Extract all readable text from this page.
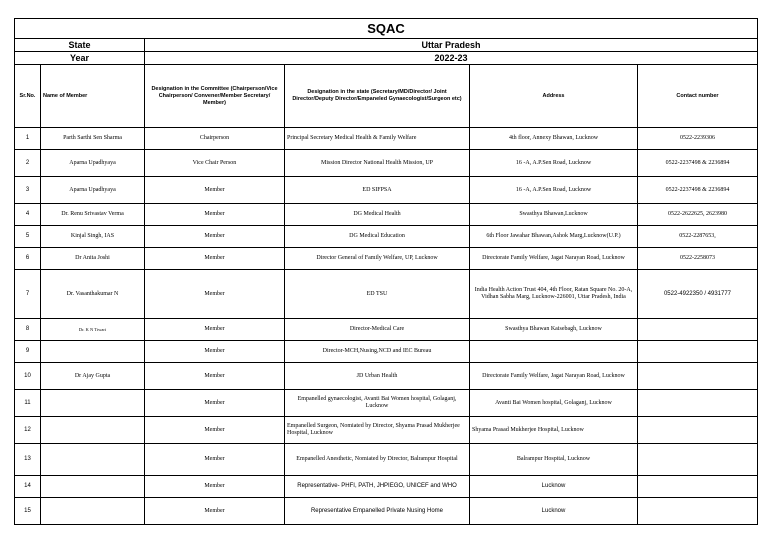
SQAC					
State		Uttar Pradesh			
Year		2022-23			
Sr.No.	Name of Member	Designation in the Committee (Chairperson/Vice Chairperson/ Convener/Member Secretary/ Member)	Designation in the state (Secretary/MD/Director/ Joint Director/Deputy Director/Empaneled Gynaecologist/Surgeon etc)	Address	Contact number
1	Parth Sarthi Sen Sharma	Chairperson	Principal Secretary Medical Health & Family Welfare	4th floor, Annexy Bhawan, Lucknow	0522-2239306
2	Aparna Upadhyaya	Vice Chair Person	Mission Director National Health Mission, UP	16 -A, A.P.Sen Road, Lucknow	0522-2237498 & 2236894
3	Aparna Upadhyaya	Member	ED SIFPSA	16 -A, A.P.Sen Road, Lucknow	0522-2237498 & 2236894
4	Dr. Renu Srivastav Verma	Member	DG Medical Health	Swasthya Bhawan,Lucknow	0522-2622625, 2623980
5	Kinjal Singh, IAS	Member	DG Medical Education	6th Floor Jawahar Bhawan,Ashok Marg,Lucknow(U.P.)	0522-2287653,
6	Dr Anita Joshi	Member	Director General of Family Welfare, UP, Lucknow	Directorate Family Welfare, Jagat Narayan Road, Lucknow	0522-2258073
7	Dr. Vasanthakumar N	Member	ED TSU	India Health Action Trust 404, 4th Floor, Ratan Square No. 20-A, Vidhan Sabha Marg, Lucknow-226001, Uttar Pradesh, India	0522-4922350 / 4931777
8	Dr. K N Tiwari	Member	Director-Medical Care	Swasthya Bhawan Kaisebagh, Lucknow	
9		Member	Director-MCH,Nusing,NCD and IEC Bureau		
10	Dr Ajay Gupta	Member	JD Urban Health	Directorate Family Welfare, Jagat Narayan Road, Lucknow	
11		Member	Empanelled gynaecologist, Avanti Bai Women hospital, Golaganj, Lucknow	Avanti Bai Women hospital, Golaganj, Lucknow	
12		Member	Empanelled Surgeon, Nomiated by Director, Shyama Prasad Mukherjee Hospital, Lucknow	Shyama Prasad Mukherjee Hospital, Lucknow	
13		Member	Empanelled Anesthetic, Nomiated by Director, Balrampur Hospital	Balrampur Hospital, Lucknow	
14		Member	Representative- PHFI, PATH, JHPIEGO, UNICEF and WHO	Lucknow	
15		Member	Representative Empanelled Private Nusing Home	Lucknow	
